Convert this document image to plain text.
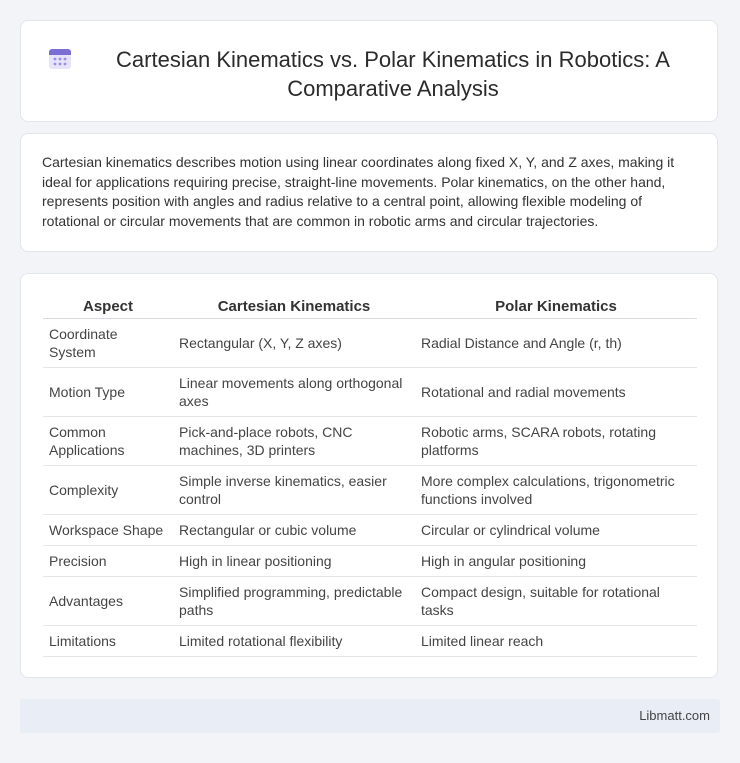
Cartesian Kinematics vs. Polar Kinematics in Robotics: A Comparative Analysis

Cartesian kinematics describes motion using linear coordinates along fixed X, Y, and Z axes, making it ideal for applications requiring precise, straight-line movements. Polar kinematics, on the other hand, represents position with angles and radius relative to a central point, allowing flexible modeling of rotational or circular movements that are common in robotic arms and circular trajectories.

Aspect	Cartesian Kinematics	Polar Kinematics
Coordinate System	Rectangular (X, Y, Z axes)	Radial Distance and Angle (r, th)
Motion Type	Linear movements along orthogonal axes	Rotational and radial movements
Common Applications	Pick-and-place robots, CNC machines, 3D printers	Robotic arms, SCARA robots, rotating platforms
Complexity	Simple inverse kinematics, easier control	More complex calculations, trigonometric functions involved
Workspace Shape	Rectangular or cubic volume	Circular or cylindrical volume
Precision	High in linear positioning	High in angular positioning
Advantages	Simplified programming, predictable paths	Compact design, suitable for rotational tasks
Limitations	Limited rotational flexibility	Limited linear reach
Libmatt.com
